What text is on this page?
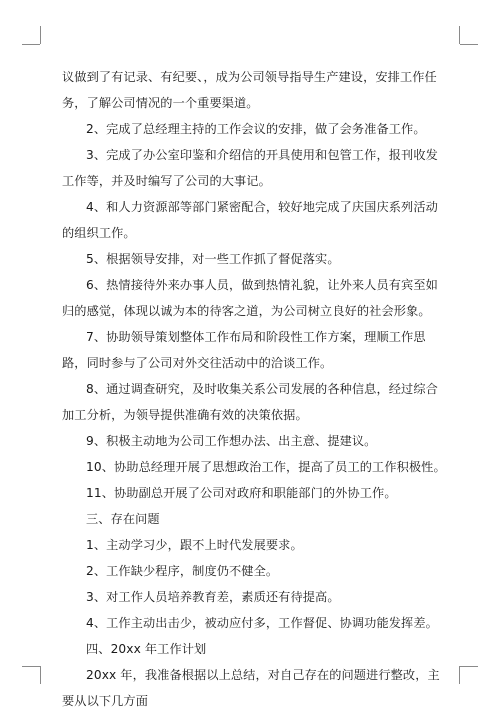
议做到了有记录、有纪要、，成为公司领导指导生产建设，安排工作任务，了解公司情况的一个重要渠道。

2、完成了总经理主持的工作会议的安排，做了会务准备工作。

3、完成了办公室印鉴和介绍信的开具使用和包管工作，报刊收发工作等，并及时编写了公司的大事记。

4、和人力资源部等部门紧密配合，较好地完成了庆国庆系列活动的组织工作。

5、根据领导安排，对一些工作抓了督促落实。

6、热情接待外来办事人员，做到热情礼貌，让外来人员有宾至如归的感觉，体现以诚为本的待客之道，为公司树立良好的社会形象。

7、协助领导策划整体工作布局和阶段性工作方案，理顺工作思路，同时参与了公司对外交往活动中的洽谈工作。

8、通过调查研究，及时收集关系公司发展的各种信息，经过综合加工分析，为领导提供准确有效的决策依据。

9、积极主动地为公司工作想办法、出主意、提建议。

10、协助总经理开展了思想政治工作，提高了员工的工作积极性。

11、协助副总开展了公司对政府和职能部门的外协工作。

三、存在问题

1、主动学习少，跟不上时代发展要求。

2、工作缺少程序，制度仍不健全。

3、对工作人员培养教育差，素质还有待提高。

4、工作主动出击少，被动应付多，工作督促、协调功能发挥差。

四、20xx 年工作计划

20xx 年，我准备根据以上总结，对自己存在的问题进行整改，主要从以下几方面
